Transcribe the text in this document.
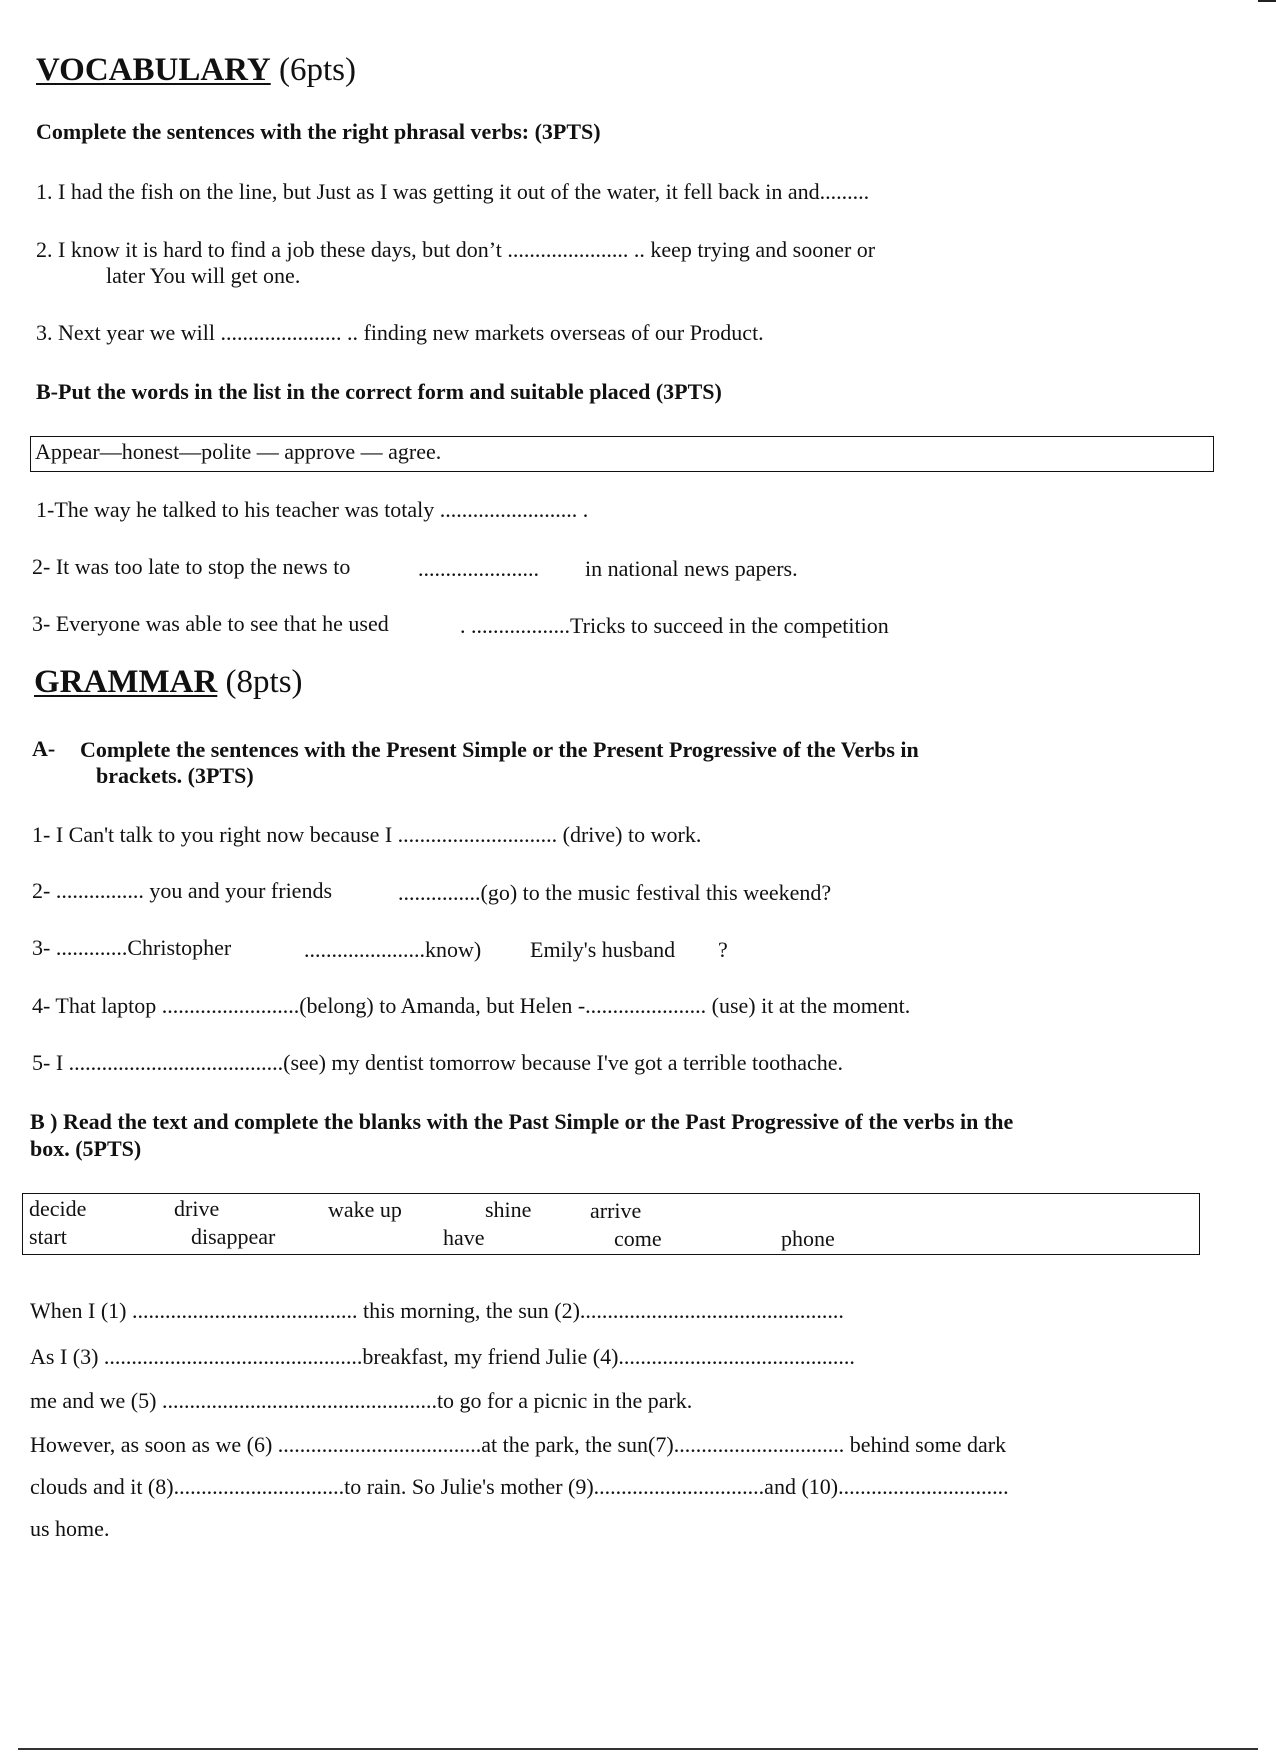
VOCABULARY (6pts)
Complete the sentences with the right phrasal verbs: (3PTS)
1. I had the fish on the line, but Just as I was getting it out of the water, it fell back in and.........
2. I know it is hard to find a job these days, but don’t ...................... .. keep trying and sooner or
later You will get one.
3. Next year we will ...................... .. finding new markets overseas of our Product.
B-Put the words in the list in the correct form and suitable placed (3PTS)
Appear—honest—polite — approve — agree.
1-The way he talked to his teacher was totaly ......................... .
2- It was too late to stop the news to	...................... in national news papers.
3- Everyone was able to see that he used	. ..................Tricks to succeed in the competition
GRAMMAR (8pts)
A- Complete the sentences with the Present Simple or the Present Progressive of the Verbs in
brackets. (3PTS)
1- I Can't talk to you right now because I ............................. (drive) to work.
2- ................ you and your friends	...............(go) to the music festival this weekend?
3- .............Christopher	......................know) Emily's husband ?
4- That laptop .........................(belong) to Amanda, but Helen -...................... (use) it at the moment.
5- I .......................................(see) my dentist tomorrow because I've got a terrible toothache.
B ) Read the text and complete the blanks with the Past Simple or the Past Progressive of the verbs in the
box. (5PTS)
decide	drive	wake up	shine	arrive
start	disappear	have	come	phone
When I (1) ......................................... this morning, the sun (2)................................................
As I (3) ...............................................breakfast, my friend Julie (4)...........................................
me and we (5) ..................................................to go for a picnic in the park.
However, as soon as we (6) .....................................at the park, the sun(7)............................... behind some dark
clouds and it (8)...............................to rain. So Julie's mother (9)...............................and (10)...............................
us home.
